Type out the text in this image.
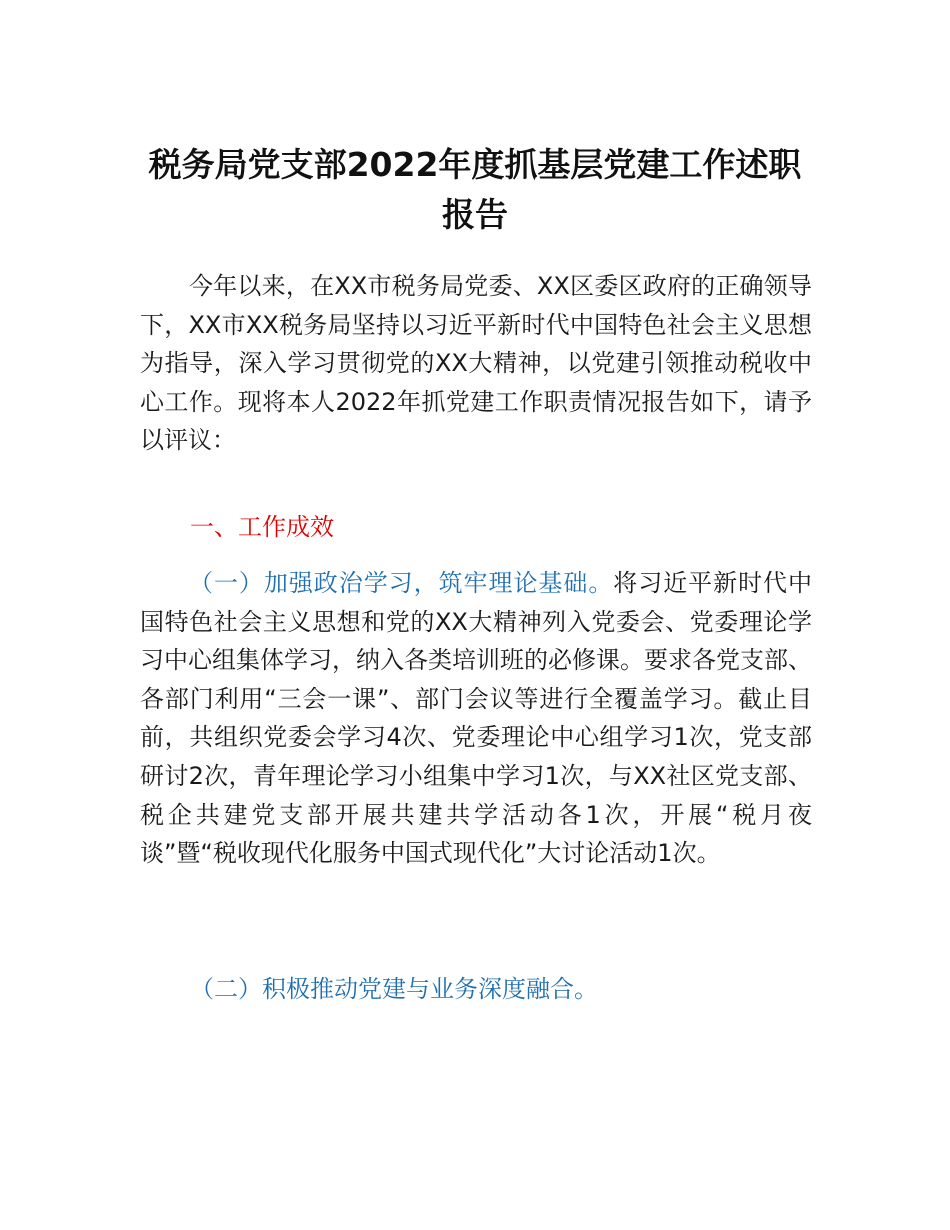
税务局党支部2022年度抓基层党建工作述职报告
今年以来，在XX市税务局党委、XX区委区政府的正确领导下，XX市XX税务局坚持以习近平新时代中国特色社会主义思想为指导，深入学习贯彻党的XX大精神，以党建引领推动税收中心工作。现将本人2022年抓党建工作职责情况报告如下，请予以评议：
一、工作成效
（一）加强政治学习，筑牢理论基础。将习近平新时代中国特色社会主义思想和党的XX大精神列入党委会、党委理论学习中心组集体学习，纳入各类培训班的必修课。要求各党支部、各部门利用“三会一课”、部门会议等进行全覆盖学习。截止目前，共组织党委会学习4次、党委理论中心组学习1次，党支部研讨2次，青年理论学习小组集中学习1次，与XX社区党支部、税企共建党支部开展共建共学活动各1次，开展“税月夜谈”暨“税收现代化服务中国式现代化”大讨论活动1次。
（二）积极推动党建与业务深度融合。
